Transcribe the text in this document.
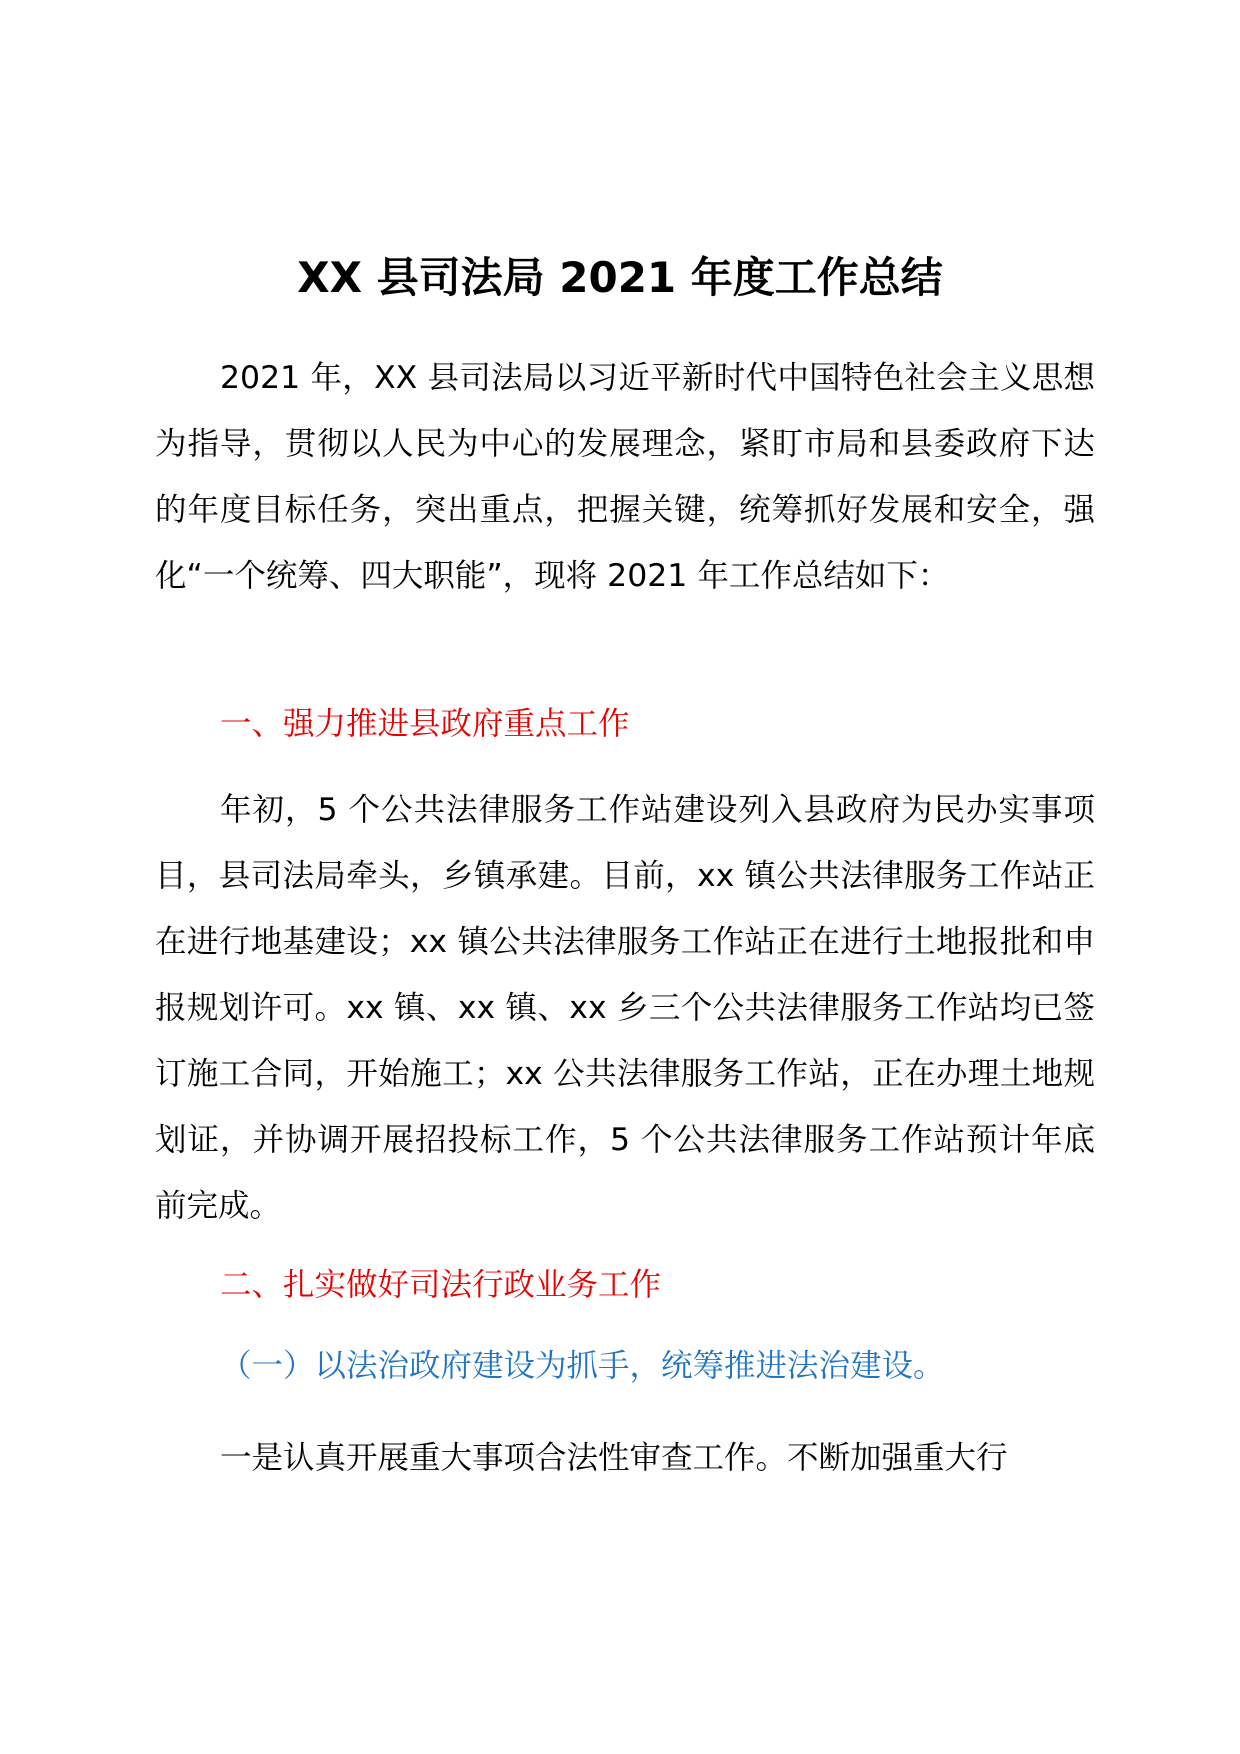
XX 县司法局 2021 年度工作总结

2021 年，XX 县司法局以习近平新时代中国特色社会主义思想为指导，贯彻以人民为中心的发展理念，紧盯市局和县委政府下达的年度目标任务，突出重点，把握关键，统筹抓好发展和安全，强化“一个统筹、四大职能”，现将 2021 年工作总结如下：

一、强力推进县政府重点工作

年初，5 个公共法律服务工作站建设列入县政府为民办实事项目，县司法局牵头，乡镇承建。目前，xx 镇公共法律服务工作站正在进行地基建设；xx 镇公共法律服务工作站正在进行土地报批和申报规划许可。xx 镇、xx 镇、xx 乡三个公共法律服务工作站均已签订施工合同，开始施工；xx 公共法律服务工作站，正在办理土地规划证，并协调开展招投标工作，5 个公共法律服务工作站预计年底前完成。

二、扎实做好司法行政业务工作
（一）以法治政府建设为抓手，统筹推进法治建设。

一是认真开展重大事项合法性审查工作。不断加强重大行
